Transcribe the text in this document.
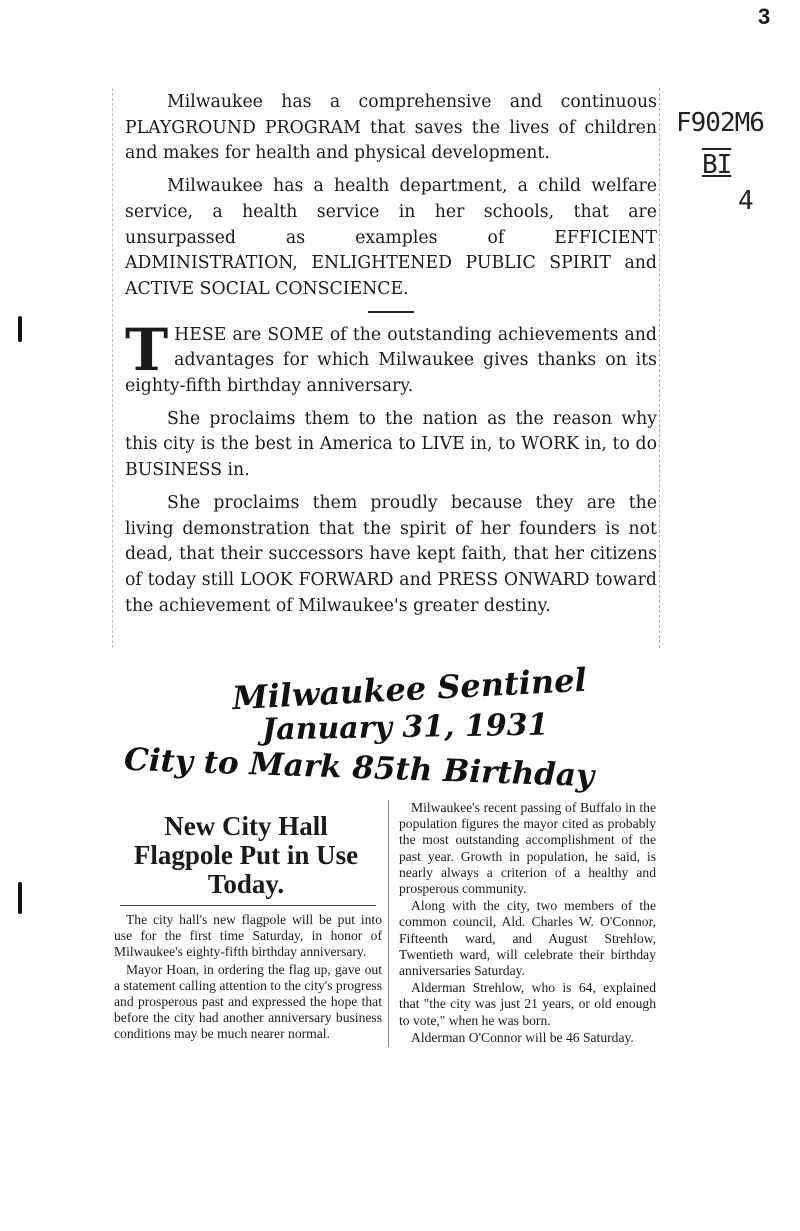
3
F902M6
BI
4

Milwaukee has a comprehensive and continuous PLAYGROUND PROGRAM that saves the lives of children and makes for health and physical development.

Milwaukee has a health department, a child welfare service, a health service in her schools, that are unsurpassed as examples of EFFICIENT ADMINISTRATION, ENLIGHTENED PUBLIC SPIRIT and ACTIVE SOCIAL CONSCIENCE.

THESE are SOME of the outstanding achievements and advantages for which Milwaukee gives thanks on its eighty-fifth birthday anniversary.

She proclaims them to the nation as the reason why this city is the best in America to LIVE in, to WORK in, to do BUSINESS in.

She proclaims them proudly because they are the living demonstration that the spirit of her founders is not dead, that their successors have kept faith, that her citizens of today still LOOK FORWARD and PRESS ONWARD toward the achievement of Milwaukee's greater destiny.

Milwaukee Sentinel
January 31, 1931
City to Mark 85th Birthday
New City Hall Flagpole Put in Use Today.

The city hall's new flagpole will be put into use for the first time Saturday, in honor of Milwaukee's eighty-fifth birthday anniversary.

Mayor Hoan, in ordering the flag up, gave out a statement calling attention to the city's progress and prosperous past and expressed the hope that before the city had another anniversary business conditions may be much nearer normal.

Milwaukee's recent passing of Buffalo in the population figures the mayor cited as probably the most outstanding accomplishment of the past year. Growth in population, he said, is nearly always a criterion of a healthy and prosperous community.

Along with the city, two members of the common council, Ald. Charles W. O'Connor, Fifteenth ward, and August Strehlow, Twentieth ward, will celebrate their birthday anniversaries Saturday.

Alderman Strehlow, who is 64, explained that "the city was just 21 years, or old enough to vote," when he was born.

Alderman O'Connor will be 46 Saturday.
